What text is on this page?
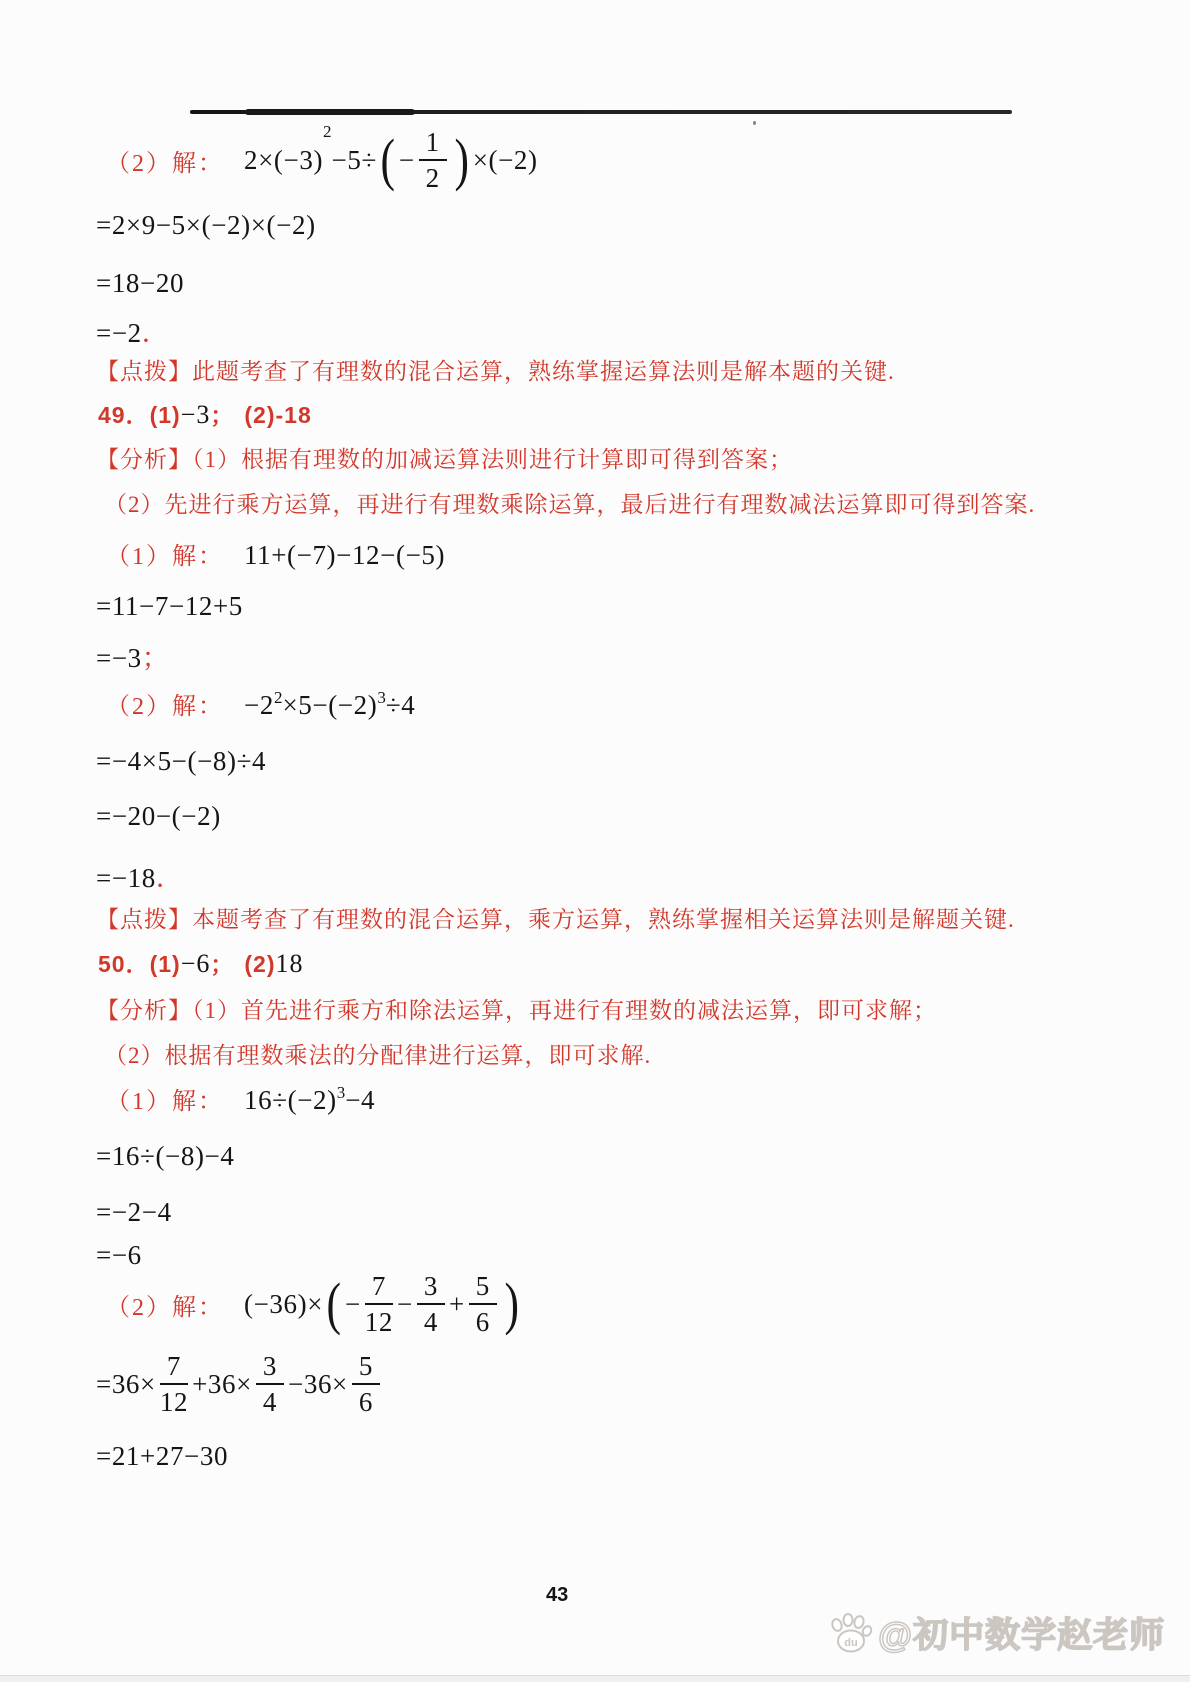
（2）解： 2×(−3)
2
−5÷ ( − $\frac{1}{2}$ ) ×(−2)
=2×9−5×(−2)×(−2)
=18−20
=−2．
【点拨】此题考查了有理数的混合运算，熟练掌握运算法则是解本题的关键.
49．(1)−3； (2)-18
【分析】（1）根据有理数的加减运算法则进行计算即可得到答案；
（2）先进行乘方运算，再进行有理数乘除运算，最后进行有理数减法运算即可得到答案.
（1）解： 11+(−7)−12−(−5)
=11−7−12+5
=−3；
（2）解： $-2^2\times 5-(-2)^3\div 4$
=−4×5−(−8)÷4
=−20−(−2)
=−18．
【点拨】本题考查了有理数的混合运算，乘方运算，熟练掌握相关运算法则是解题关键.
50．(1)−6； (2)18
【分析】（1）首先进行乘方和除法运算，再进行有理数的减法运算，即可求解；
（2）根据有理数乘法的分配律进行运算，即可求解.
（1）解： $16\div(-2)^3-4$
=16÷(−8)−4
=−2−4
=−6
（2）解： (−36)× ( − $\frac{7}{12} - \frac{3}{4} + \frac{5}{6}$ )
$=36\times \frac{7}{12} +36\times \frac{3}{4} -36\times \frac{5}{6}$
=21+27−30
43
du @初中数学赵老师
